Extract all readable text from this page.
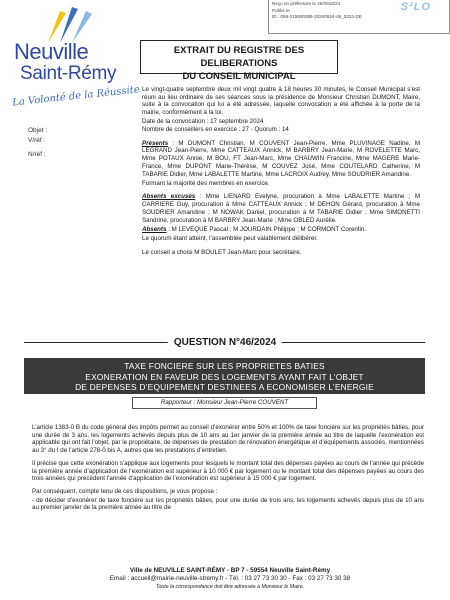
Reçu en préfecture le 26/09/2024
Publié le
ID : 059-215900285-20240924-46_2024-DE
S²LO
Neuville
Saint-Rémy
La Volonté de la Réussite
EXTRAIT DU REGISTRE DES DELIBERATIONS
DU CONSEIL MUNICIPAL
Objet :
V/réf :
N/réf :

Le vingt-quatre septembre deux mil vingt quatre à 18 heures 30 minutes, le Conseil Municipal s’est réuni au lieu ordinaire de ses séances sous la présidence de Monsieur Christian DUMONT, Maire, suite à la convocation qui lui a été adressée, laquelle convocation a été affichée à la porte de la mairie, conformément à la loi.

Date de la convocation : 17 septembre 2024

Nombre de conseillers en exercice : 27 - Quorum : 14

Présents : M DUMONT Christian, M COUVENT Jean-Pierre, Mme PLUVINAGE Nadine, M LEGRAND Jean-Pierre, Mme CATTEAUX Annick, M BARBRY Jean-Marie, M ROVELETTE Marc, Mme POTAUX Annie, M BOU, FT Jean-Marc, Mme CHAUWIN Francine, Mme MAGERE Marie-France, Mme DUPONT Marie-Thérèse, M COUVEZ José, Mme COUTELARD Catherine, M TABARIE Didier, Mme LABALETTE Martine, Mme LACROIX Audrey, Mme SOUDRIER Amandine.

Formant la majorité des membres en exercice.

Absents excusés : Mme LIENARD Evelyne, procuration à Mme LABALETTE Martine ; M CARRIERE Guy, procuration à Mme CATTEAUX Annick ; M DEHON Gérard, procuration à Mme SOUDRIER Amandine ; M NOWAK Daniel, procuration à M TABARIE Didier ; Mme SIMONETTI Sandrine, procuration à M BARBRY Jean-Marie ; Mme OBLED Aurélie.

Absents : M LEVEQUE Pascal ; M JOURDAIN Philippe ; M CORMONT Corentin.

Le quorum étant atteint, l’assemblée peut valablement délibérer.

Le conseil a choisi M BOULET Jean-Marc pour secrétaire.

QUESTION N°46/2024
TAXE FONCIERE SUR LES PROPRIETES BATIES
EXONERATION EN FAVEUR DES LOGEMENTS AYANT FAIT L’OBJET
DE DEPENSES D’EQUIPEMENT DESTINEES A ECONOMISER L’ENERGIE
Rapporteur : Monsieur Jean-Pierre COUVENT

L’article 1383-0 B du code général des impôts permet au conseil d’exonérer entre 50% et 100% de taxe foncière sur les propriétés bâties, pour une durée de 3 ans, les logements achevés depuis plus de 10 ans au 1er janvier de la première année au titre de laquelle l’exonération est applicable qui ont fait l’objet, par le propriétaire, de dépenses de prestation de rénovation énergétique et d’équipements associés, mentionnées au 3° du I de l’article 278-0 bis A, autres que les prestations d’entretien.

Il précise que cette exonération s’applique aux logements pour lesquels le montant total des dépenses payées au cours de l’année qui précède la première année d’application de l’exonération est supérieur à 10 000 € par logement ou le montant total des dépenses payées au cours des trois années qui précèdent l’année d’application de l’exonération est supérieur à 15 000 € par logement.

Par conséquent, compte tenu de ces dispositions, je vous propose :

- de décider d’exonérer de taxe foncière sur les propriétés bâties, pour une durée de trois ans, les logements achevés depuis plus de 10 ans au premier janvier de la première année au titre de

Ville de NEUVILLE SAINT-RÉMY - BP 7 - 59554 Neuville Saint-Rémy
Email : accueil@mairie-neuville-stremy.fr - Tél. : 03 27 73 30 30 - Fax : 03 27 73 30 38
Toute la correspondance doit être adressée à Monsieur le Maire.
